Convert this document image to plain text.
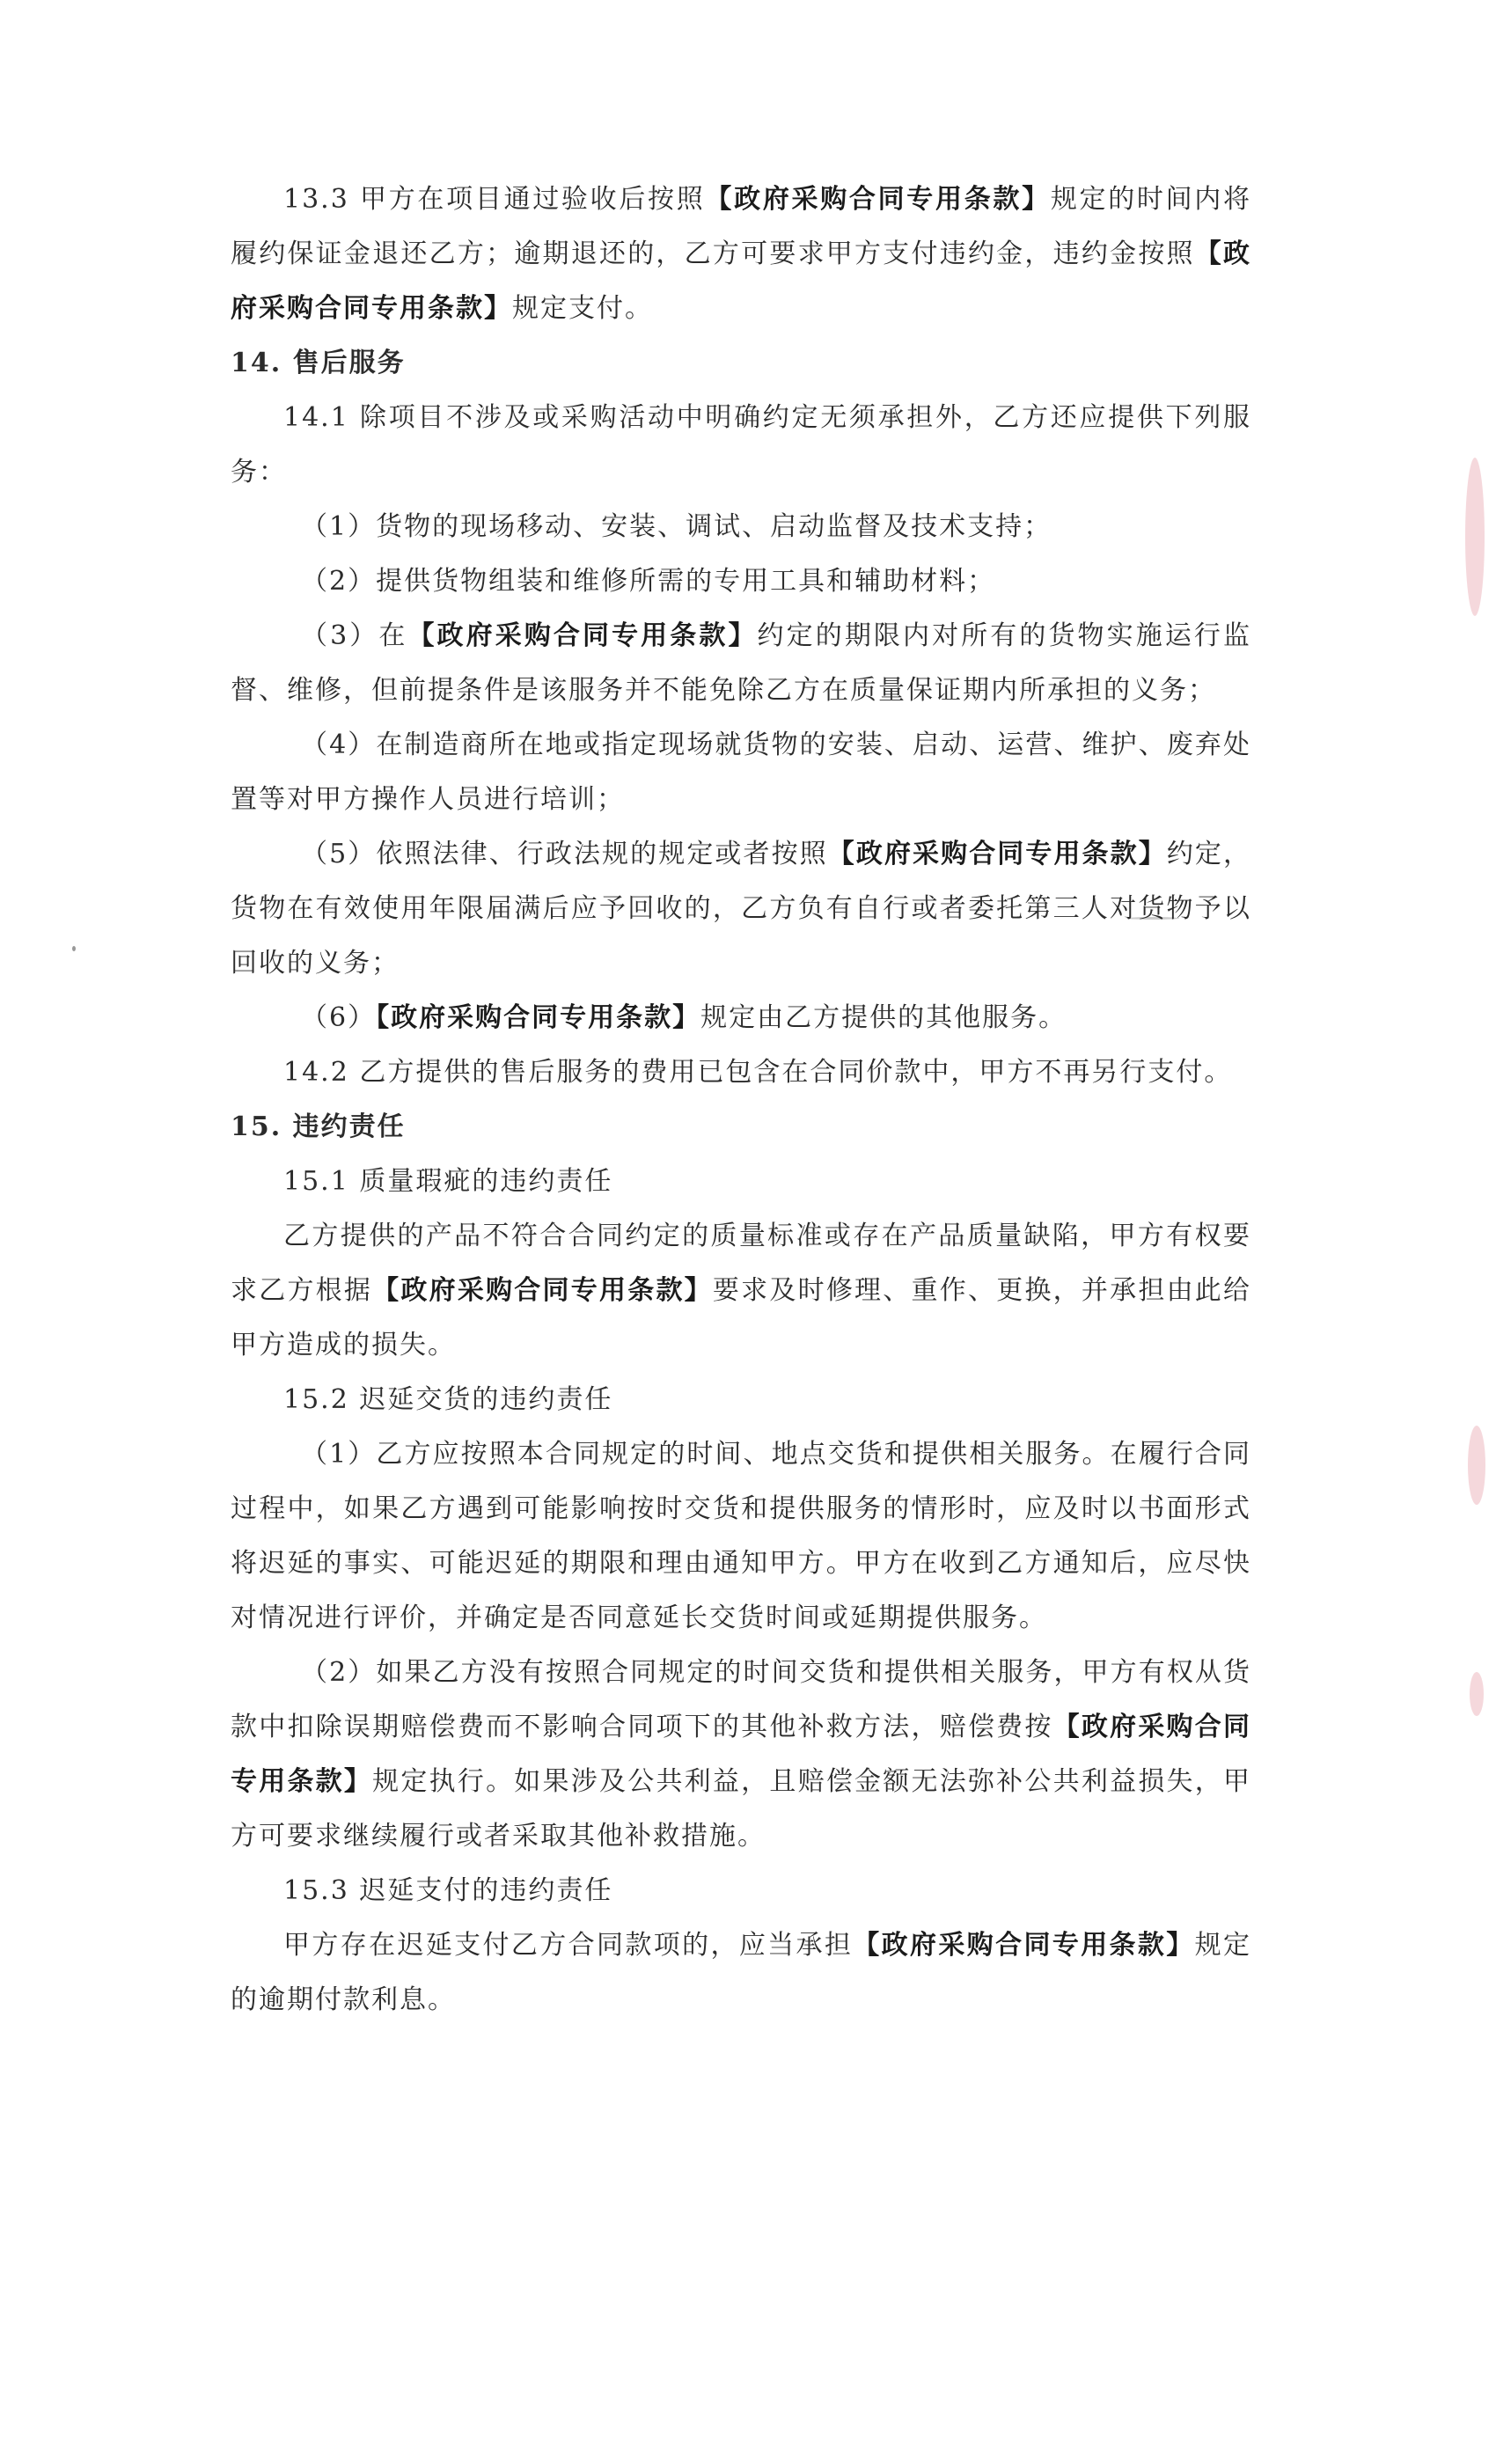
13.3 甲方在项目通过验收后按照【政府采购合同专用条款】规定的时间内将履约保证金退还乙方；逾期退还的，乙方可要求甲方支付违约金，违约金按照【政府采购合同专用条款】规定支付。

14. 售后服务

14.1 除项目不涉及或采购活动中明确约定无须承担外，乙方还应提供下列服务：

（1）货物的现场移动、安装、调试、启动监督及技术支持；

（2）提供货物组装和维修所需的专用工具和辅助材料；

（3）在【政府采购合同专用条款】约定的期限内对所有的货物实施运行监督、维修，但前提条件是该服务并不能免除乙方在质量保证期内所承担的义务；

（4）在制造商所在地或指定现场就货物的安装、启动、运营、维护、废弃处置等对甲方操作人员进行培训；

（5）依照法律、行政法规的规定或者按照【政府采购合同专用条款】约定，货物在有效使用年限届满后应予回收的，乙方负有自行或者委托第三人对货物予以回收的义务；

（6）【政府采购合同专用条款】规定由乙方提供的其他服务。

14.2 乙方提供的售后服务的费用已包含在合同价款中，甲方不再另行支付。

15. 违约责任

15.1 质量瑕疵的违约责任

乙方提供的产品不符合合同约定的质量标准或存在产品质量缺陷，甲方有权要求乙方根据【政府采购合同专用条款】要求及时修理、重作、更换，并承担由此给甲方造成的损失。

15.2 迟延交货的违约责任

（1）乙方应按照本合同规定的时间、地点交货和提供相关服务。在履行合同过程中，如果乙方遇到可能影响按时交货和提供服务的情形时，应及时以书面形式将迟延的事实、可能迟延的期限和理由通知甲方。甲方在收到乙方通知后，应尽快对情况进行评价，并确定是否同意延长交货时间或延期提供服务。

（2）如果乙方没有按照合同规定的时间交货和提供相关服务，甲方有权从货款中扣除误期赔偿费而不影响合同项下的其他补救方法，赔偿费按【政府采购合同专用条款】规定执行。如果涉及公共利益，且赔偿金额无法弥补公共利益损失，甲方可要求继续履行或者采取其他补救措施。

15.3 迟延支付的违约责任

甲方存在迟延支付乙方合同款项的，应当承担【政府采购合同专用条款】规定的逾期付款利息。
